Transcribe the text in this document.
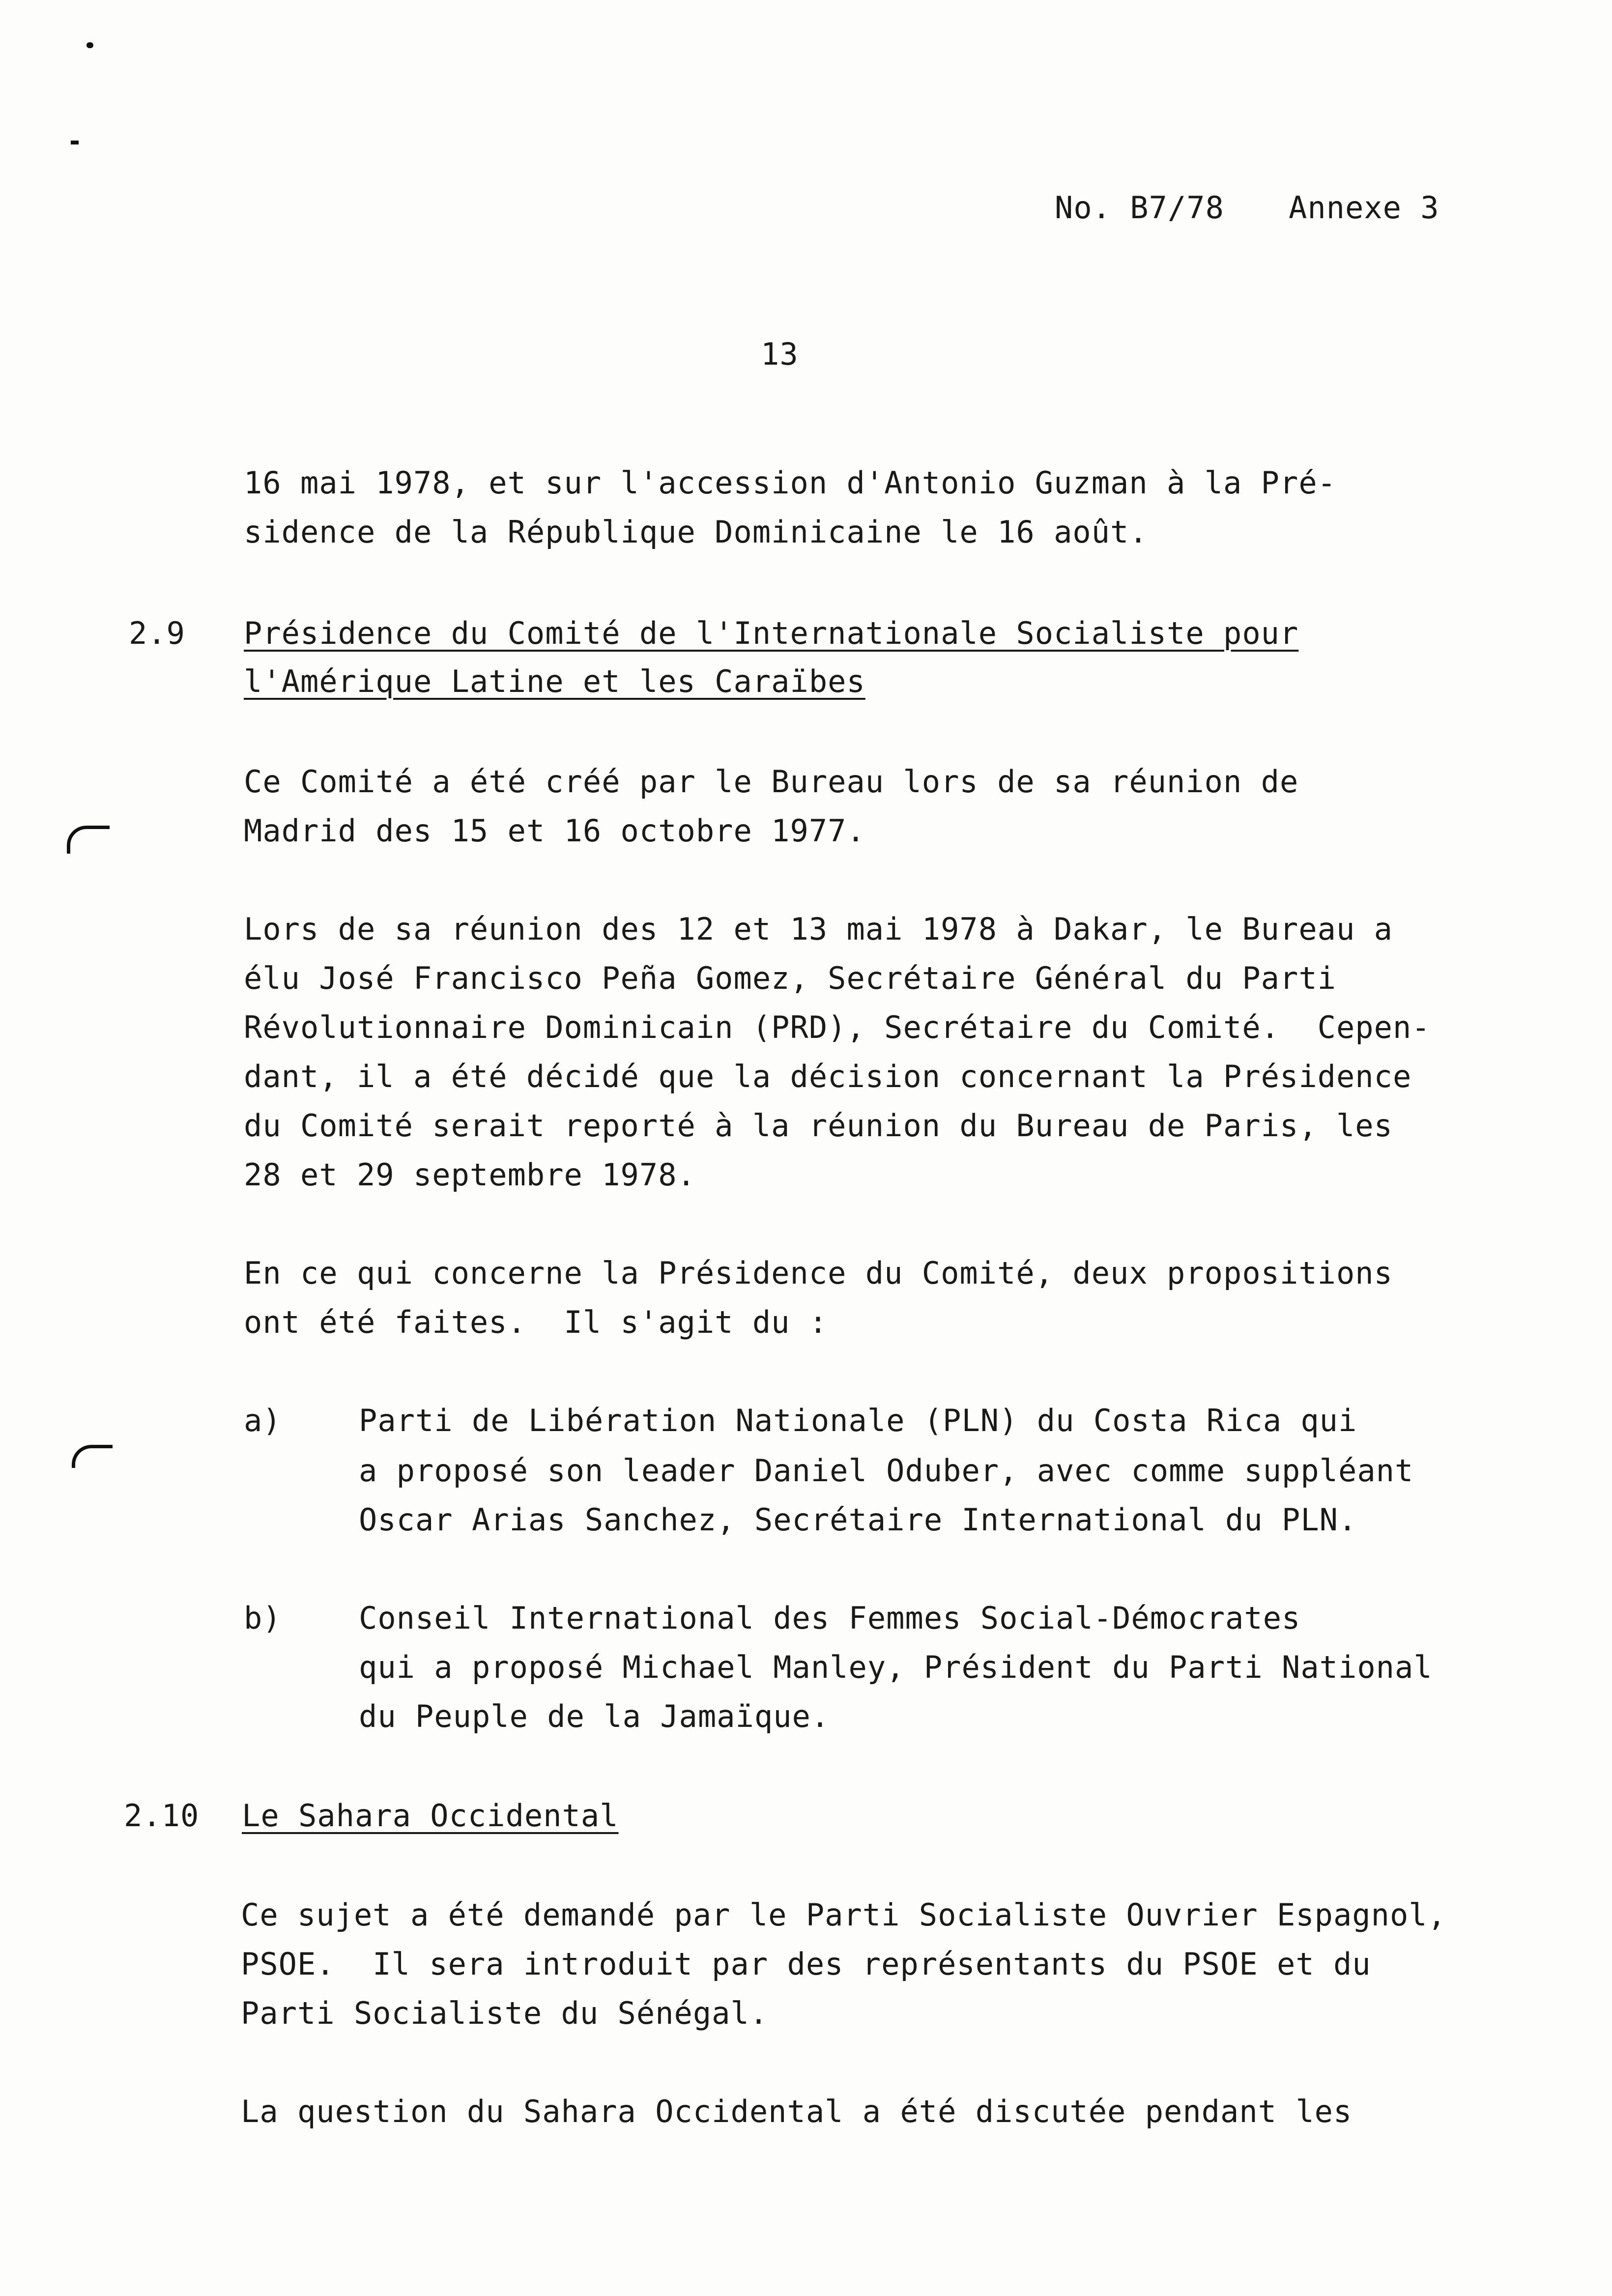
No. B7/78 Annexe 3
13
16 mai 1978, et sur l'accession d'Antonio Guzman à la Pré-
sidence de la République Dominicaine le 16 août.
2.9 Présidence du Comité de l'Internationale Socialiste pour
l'Amérique Latine et les Caraïbes
Ce Comité a été créé par le Bureau lors de sa réunion de
Madrid des 15 et 16 octobre 1977.
Lors de sa réunion des 12 et 13 mai 1978 à Dakar, le Bureau a
élu José Francisco Peña Gomez, Secrétaire Général du Parti
Révolutionnaire Dominicain (PRD), Secrétaire du Comité.  Cepen-
dant, il a été décidé que la décision concernant la Présidence
du Comité serait reporté à la réunion du Bureau de Paris, les
28 et 29 septembre 1978.
En ce qui concerne la Présidence du Comité, deux propositions
ont été faites.  Il s'agit du :
a)	Parti de Libération Nationale (PLN) du Costa Rica qui
a proposé son leader Daniel Oduber, avec comme suppléant
Oscar Arias Sanchez, Secrétaire International du PLN.
b)	Conseil International des Femmes Social-Démocrates
qui a proposé Michael Manley, Président du Parti National
du Peuple de la Jamaïque.
2.10 Le Sahara Occidental
Ce sujet a été demandé par le Parti Socialiste Ouvrier Espagnol,
PSOE.  Il sera introduit par des représentants du PSOE et du
Parti Socialiste du Sénégal.
La question du Sahara Occidental a été discutée pendant les
